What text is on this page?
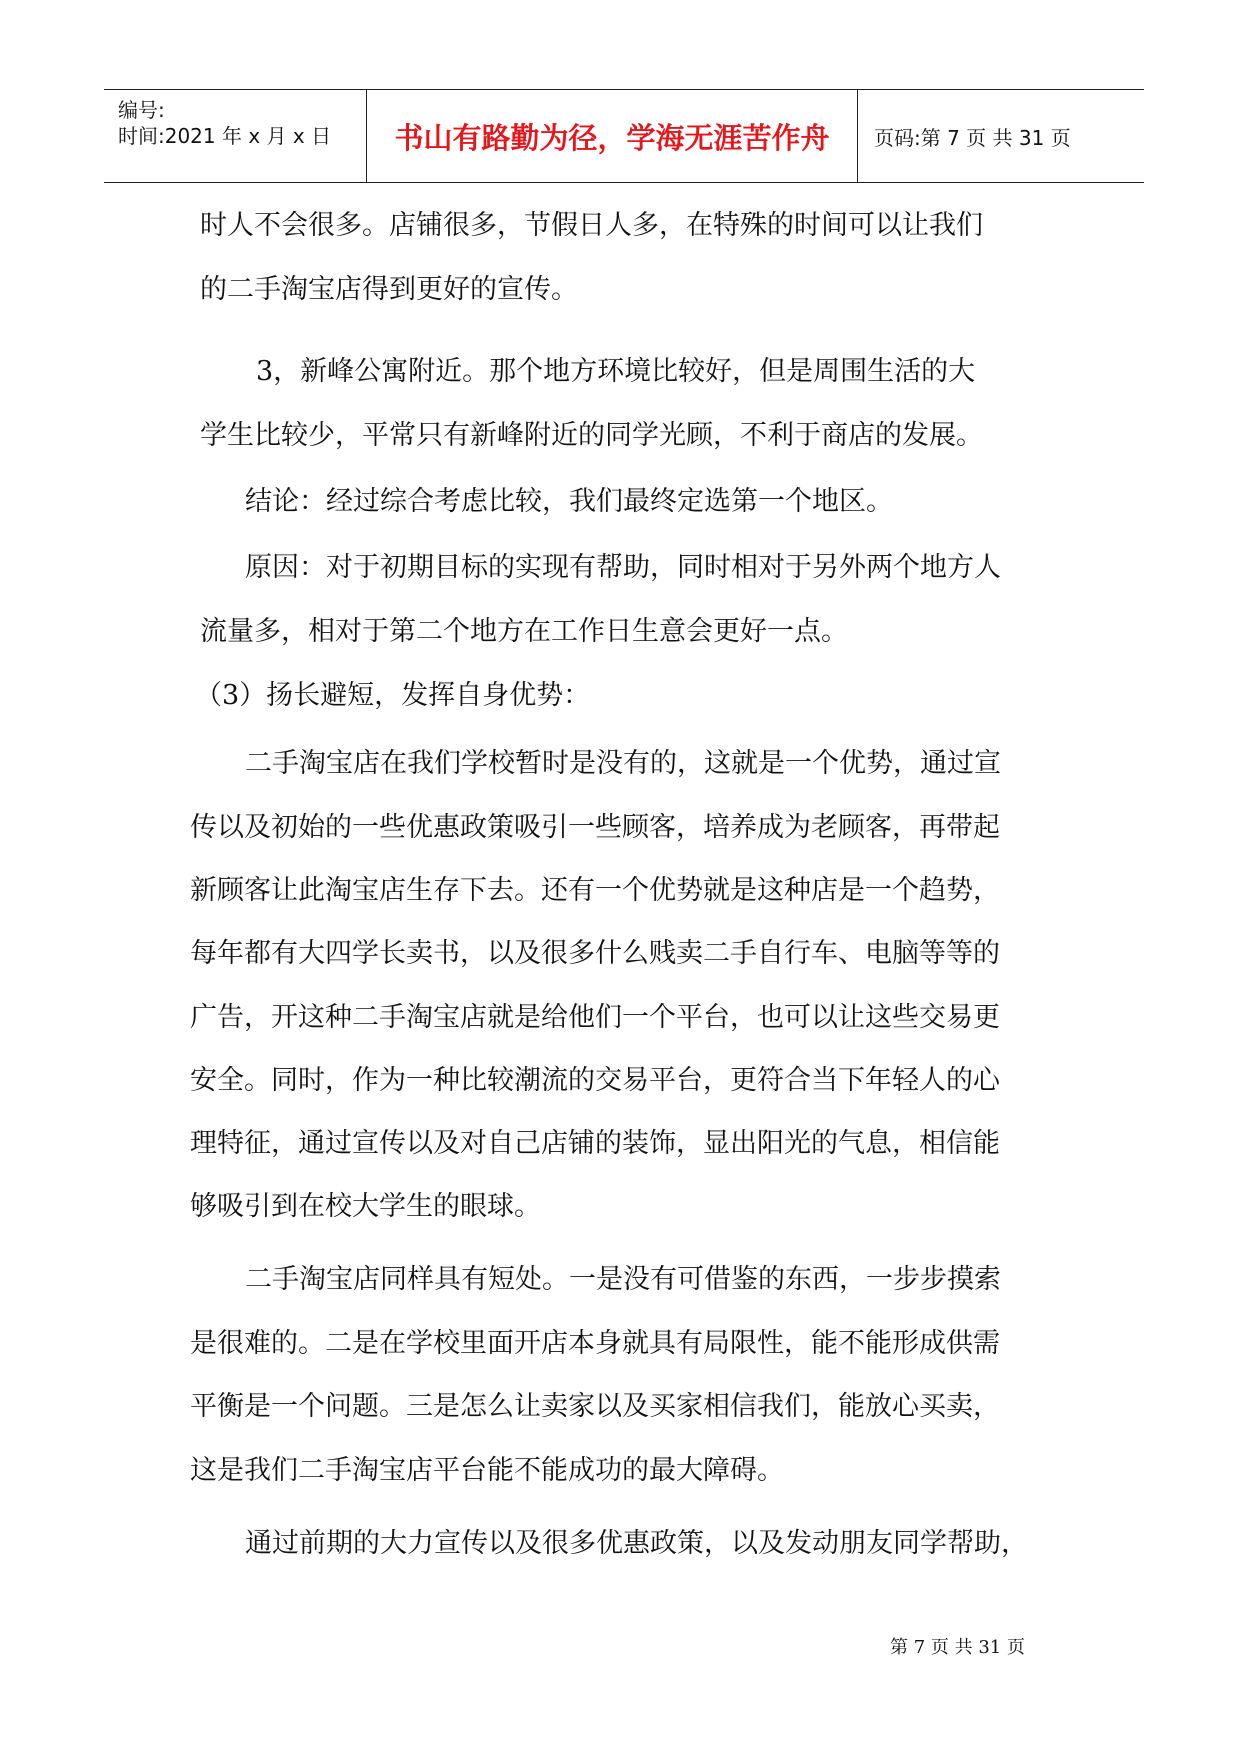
编号:
时间:2021 年 x 月 x 日 书山有路勤为径，学海无涯苦作舟 页码:第 7 页 共 31 页
时人不会很多。店铺很多，节假日人多，在特殊的时间可以让我们
的二手淘宝店得到更好的宣传。
3，新峰公寓附近。那个地方环境比较好，但是周围生活的大
学生比较少，平常只有新峰附近的同学光顾，不利于商店的发展。
结论：经过综合考虑比较，我们最终定选第一个地区。
原因：对于初期目标的实现有帮助，同时相对于另外两个地方人
流量多，相对于第二个地方在工作日生意会更好一点。
（3）扬长避短，发挥自身优势：
二手淘宝店在我们学校暂时是没有的，这就是一个优势，通过宣
传以及初始的一些优惠政策吸引一些顾客，培养成为老顾客，再带起
新顾客让此淘宝店生存下去。还有一个优势就是这种店是一个趋势，
每年都有大四学长卖书，以及很多什么贱卖二手自行车、电脑等等的
广告，开这种二手淘宝店就是给他们一个平台，也可以让这些交易更
安全。同时，作为一种比较潮流的交易平台，更符合当下年轻人的心
理特征，通过宣传以及对自己店铺的装饰，显出阳光的气息，相信能
够吸引到在校大学生的眼球。
二手淘宝店同样具有短处。一是没有可借鉴的东西，一步步摸索
是很难的。二是在学校里面开店本身就具有局限性，能不能形成供需
平衡是一个问题。三是怎么让卖家以及买家相信我们，能放心买卖，
这是我们二手淘宝店平台能不能成功的最大障碍。
通过前期的大力宣传以及很多优惠政策，以及发动朋友同学帮助，
第 7 页 共 31 页
